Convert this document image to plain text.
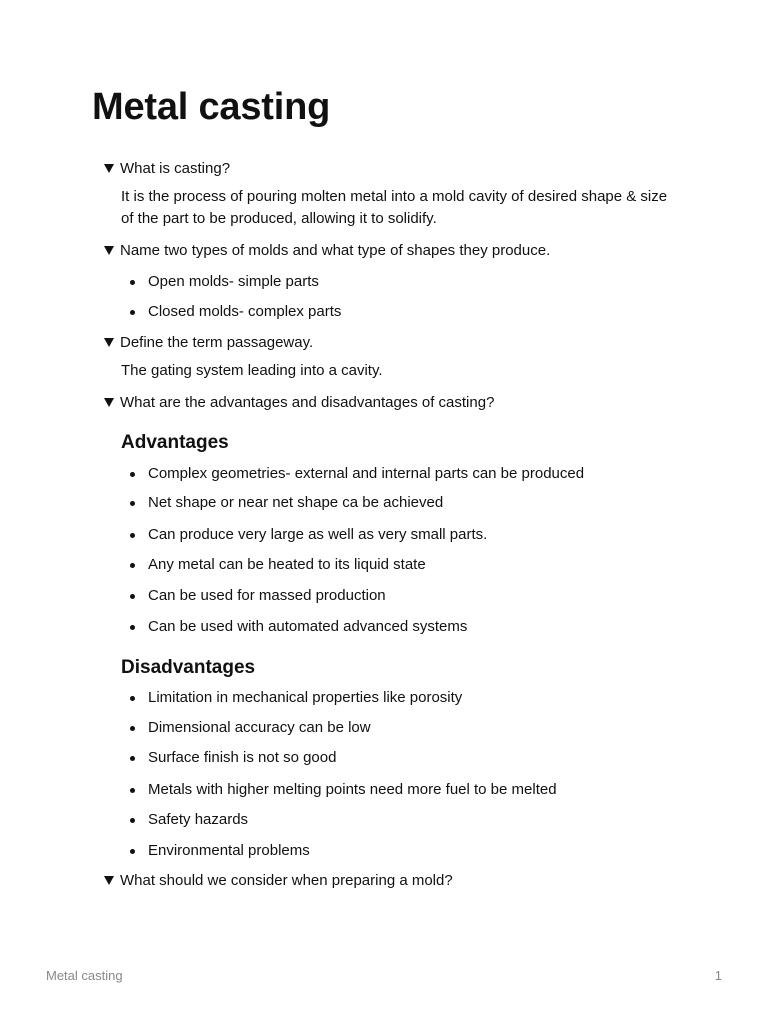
Metal casting
What is casting?
It is the process of pouring molten metal into a mold cavity of desired shape & size of the part to be produced, allowing it to solidify.
Name two types of molds and what type of shapes they produce.
Open molds- simple parts
Closed molds- complex parts
Define the term passageway.
The gating system leading into a cavity.
What are the advantages and disadvantages of casting?
Advantages
Complex geometries- external and internal parts can be produced
Net shape or near net shape ca be achieved
Can produce very large as well as very small parts.
Any metal can be heated to its liquid state
Can be used for massed production
Can be used with automated advanced systems
Disadvantages
Limitation in mechanical properties like porosity
Dimensional accuracy can be low
Surface finish is not so good
Metals with higher melting points need more fuel to be melted
Safety hazards
Environmental problems
What should we consider when preparing a mold?
Metal casting	1
